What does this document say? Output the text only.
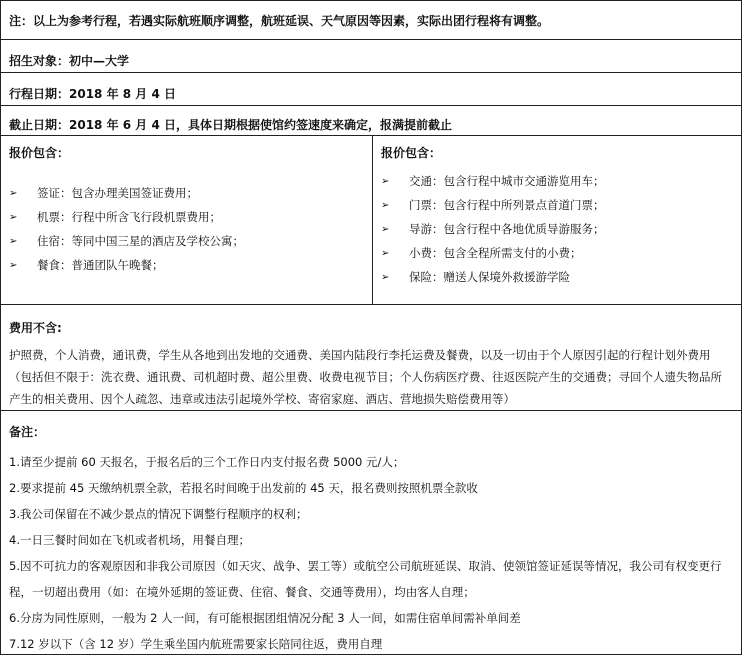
注：以上为参考行程，若遇实际航班顺序调整，航班延误、天气原因等因素，实际出团行程将有调整。
招生对象：初中—大学
行程日期：2018 年 8 月 4 日
截止日期：2018 年 6 月 4 日，具体日期根据使馆约签速度来确定，报满提前截止
报价包含：
➢	签证：包含办理美国签证费用；
➢	机票：行程中所含飞行段机票费用；
➢	住宿：等同中国三星的酒店及学校公寓；
➢	餐食：普通团队午晚餐；
报价包含：
➢	交通：包含行程中城市交通游览用车；
➢	门票：包含行程中所列景点首道门票；
➢	导游：包含行程中各地优质导游服务；
➢	小费：包含全程所需支付的小费；
➢	保险：赠送人保境外救援游学险
费用不含:
护照费，个人消费，通讯费，学生从各地到出发地的交通费、美国内陆段行李托运费及餐费，以及一切由于个人原因引起的行程计划外费用（包括但不限于：洗衣费、通讯费、司机超时费、超公里费、收费电视节目；个人伤病医疗费、往返医院产生的交通费；寻回个人遗失物品所产生的相关费用、因个人疏忽、违章或违法引起境外学校、寄宿家庭、酒店、营地损失赔偿费用等）
备注：
1.请至少提前 60 天报名，于报名后的三个工作日内支付报名费 5000 元/人；
2.要求提前 45 天缴纳机票全款，若报名时间晚于出发前的 45 天，报名费则按照机票全款收
3.我公司保留在不减少景点的情况下调整行程顺序的权利；
4.一日三餐时间如在飞机或者机场，用餐自理；
5.因不可抗力的客观原因和非我公司原因（如天灾、战争、罢工等）或航空公司航班延误、取消、使领馆签证延误等情况，我公司有权变更行程，一切超出费用（如：在境外延期的签证费、住宿、餐食、交通等费用），均由客人自理；
6.分房为同性原则，一般为 2 人一间，有可能根据团组情况分配 3 人一间，如需住宿单间需补单间差
7.12 岁以下（含 12 岁）学生乘坐国内航班需要家长陪同往返，费用自理
